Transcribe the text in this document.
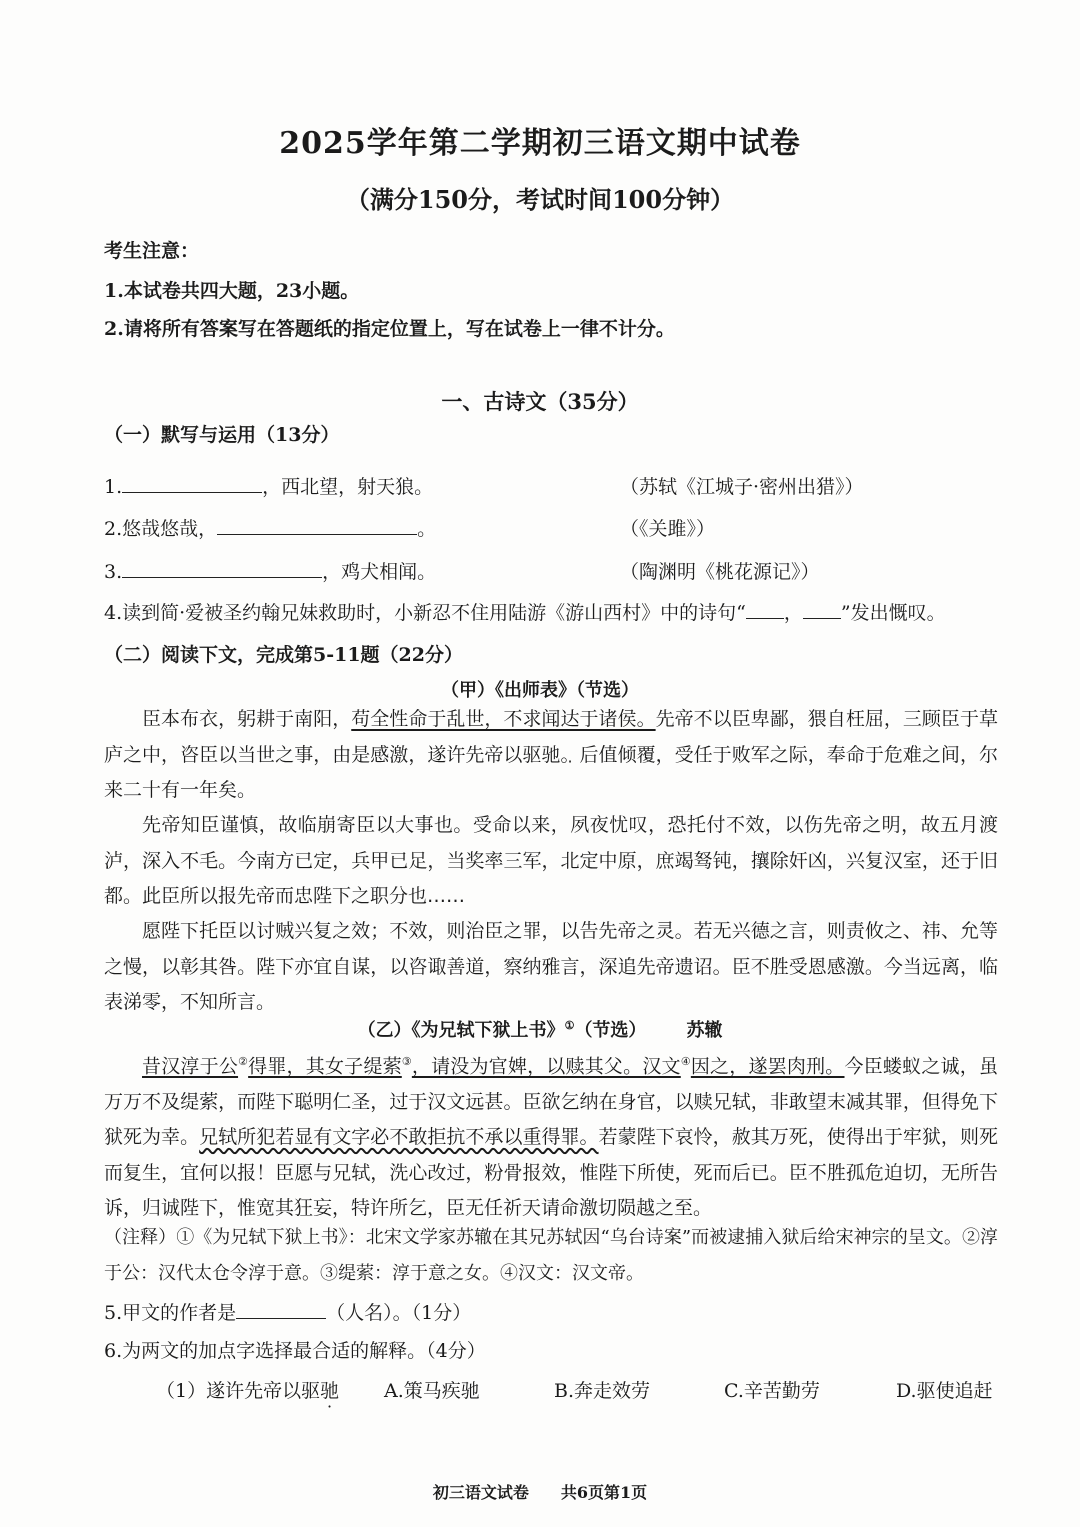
2025学年第二学期初三语文期中试卷
（满分150分，考试时间100分钟）
考生注意：
1.本试卷共四大题，23小题。
2.请将所有答案写在答题纸的指定位置上，写在试卷上一律不计分。
一、古诗文（35分）
（一）默写与运用（13分）
1.	，西北望，射天狼。	（苏轼《江城子·密州出猎》）
2.悠哉悠哉，	。	（《关雎》）
3.	，鸡犬相闻。	（陶渊明《桃花源记》）
4.读到简·爱被圣约翰兄妹救助时，小新忍不住用陆游《游山西村》中的诗句“ ， ”发出慨叹。
（二）阅读下文，完成第5-11题（22分）
（甲）《出师表》（节选）
臣本布衣，躬耕于南阳，苟全性命于乱世，不求闻达于诸侯。先帝不以臣卑鄙，猥自枉屈，三顾臣于草庐之中，咨臣以当世之事，由是感激，遂许先帝以驱驰。后值倾覆，受任于败军之际，奉命于危难之间，尔来二十有一年矣。
先帝知臣谨慎，故临崩寄臣以大事也。受命以来，夙夜忧叹，恐托付不效，以伤先帝之明，故五月渡泸，深入不毛。今南方已定，兵甲已足，当奖率三军，北定中原，庶竭驽钝，攘除奸凶，兴复汉室，还于旧都。此臣所以报先帝而忠陛下之职分也……
愿陛下托臣以讨贼兴复之效；不效，则治臣之罪，以告先帝之灵。若无兴德之言，则责攸之、祎、允等之慢，以彰其咎。陛下亦宜自谋，以咨诹善道，察纳雅言，深追先帝遗诏。臣不胜受恩感激。今当远离，临表涕零，不知所言。
（乙）《为兄轼下狱上书》①（节选） 苏辙
昔汉淳于公②得罪，其女子缇萦③，请没为官婢，以赎其父。汉文④因之，遂罢肉刑。今臣蝼蚁之诚，虽万万不及缇萦，而陛下聪明仁圣，过于汉文远甚。臣欲乞纳在身官，以赎兄轼，非敢望末减其罪，但得免下狱死为幸。兄轼所犯若显有文字必不敢拒抗不承以重得罪。若蒙陛下哀怜，赦其万死，使得出于牢狱，则死而复生，宜何以报！臣愿与兄轼，洗心改过，粉骨报效，惟陛下所使，死而后已。臣不胜孤危迫切，无所告诉，归诚陛下，惟宽其狂妄，特许所乞，臣无任祈天请命激切陨越之至。
（注释）①《为兄轼下狱上书》：北宋文学家苏辙在其兄苏轼因“乌台诗案”而被逮捕入狱后给宋神宗的呈文。②淳于公：汉代太仓令淳于意。③缇萦：淳于意之女。④汉文：汉文帝。
5.甲文的作者是	（人名）。（1分）
6.为两文的加点字选择最合适的解释。（4分）
（1）遂许先帝以驱驰 A.策马疾驰	B.奔走效劳	C.辛苦勤劳	D.驱使追赶
初三语文试卷　　共6页第1页
